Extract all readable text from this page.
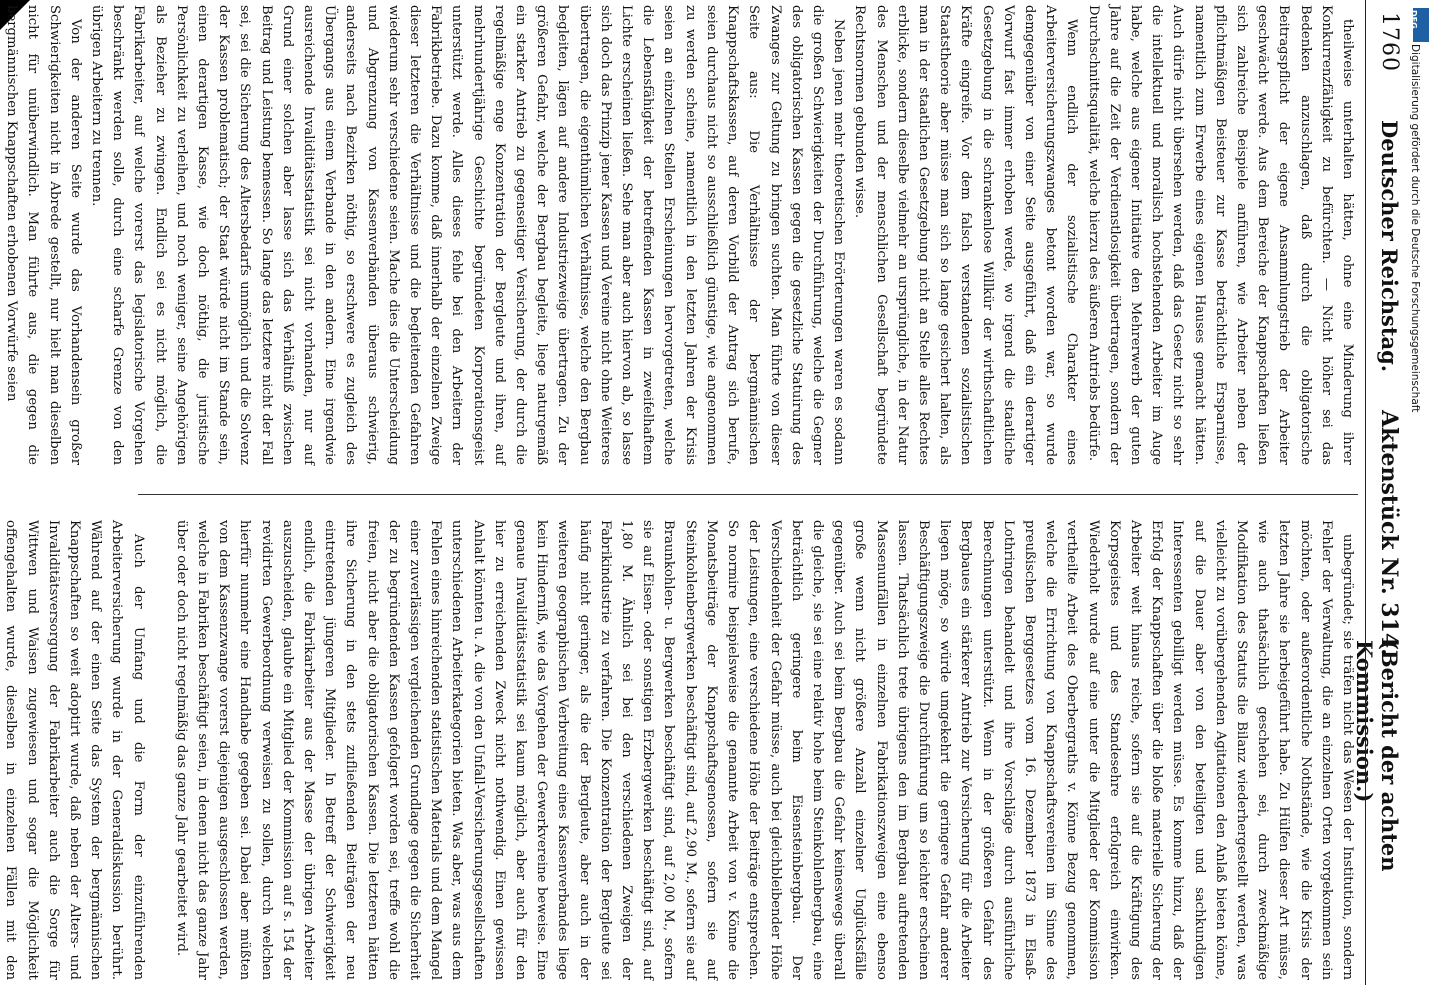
1760
Deutscher Reichstag.
Aktenstück Nr. 314.
(Bericht der achten Kommission.)

theilweise unterhalten hätten, ohne eine Minderung ihrer Konkurrenzfähigkeit zu befürchten. — Nicht höher sei das Bedenken anzuschlagen, daß durch die obligatorische Beitragspflicht der eigene Ansammlungstrieb der Arbeiter geschwächt werde. Aus dem Bereiche der Knappschaften ließen sich zahlreiche Beispiele anführen, wie Arbeiter neben der pflichtmäßigen Beisteuer zur Kasse beträchtliche Ersparnisse, namentlich zum Erwerbe eines eigenen Hauses gemacht hätten. Auch dürfe nicht übersehen werden, daß das Gesetz nicht so sehr die intellektuell und moralisch hochstehenden Arbeiter im Auge habe, welche aus eigener Initiative den Mehrerwerb der guten Jahre auf die Zeit der Verdienstlosigkeit übertragen, sondern der Durchschnittsqualität, welche hierzu des äußeren Antriebs bedürfe.

Wenn endlich der sozialistische Charakter eines Arbeiterversicherungszwanges betont worden war, so wurde demgegenüber von einer Seite ausgeführt, daß ein derartiger Vorwurf fast immer erhoben werde, wo irgend die staatliche Gesetzgebung in die schrankenlose Willkür der wirthschaftlichen Kräfte eingreife. Vor dem falsch verstandenen sozialistischen Staatstheorie aber müsse man sich so lange gesichert halten, als man in der staatlichen Gesetzgebung nicht an Stelle alles Rechtes erblicke, sondern dieselbe vielmehr an ursprüngliche, in der Natur des Menschen und der menschlichen Gesellschaft begründete Rechtsnormen gebunden wisse.

Neben jenen mehr theoretischen Erörterungen waren es sodann die großen Schwierigkeiten der Durchführung, welche die Gegner des obligatorischen Kassen gegen die gesetzliche Statuirung des Zwanges zur Geltung zu bringen suchten. Man führte von dieser Seite aus: Die Verhältnisse der bergmännischen Knappschaftskassen, auf deren Vorbild der Antrag sich berufe, seien durchaus nicht so ausschließlich günstige, wie angenommen zu werden scheine, namentlich in den letzten Jahren der Krisis seien an einzelnen Stellen Erscheinungen hervorgetreten, welche die Lebensfähigkeit der betreffenden Kassen in zweifelhaftem Lichte erscheinen ließen. Sehe man aber auch hiervon ab, so lasse sich doch das Prinzip jener Kassen und Vereine nicht ohne Weiteres übertragen, die eigenthümlichen Verhältnisse, welche den Bergbau begleiten, lägen auf andere Industriezweige übertragen. Zu der größeren Gefahr, welche der Bergbau begleite, liege naturgemäß ein starker Antrieb zu gegenseitiger Versicherung, der durch die regelmäßige enge Konzentration der Bergleute und ihren, auf mehrhundertjährige Geschichte begründeten Korporationsgeist unterstützt werde. Alles dieses fehle bei den Arbeitern der Fabrikbetriebe. Dazu komme, daß innerhalb der einzelnen Zweige dieser letzteren die Verhältnisse und die begleitenden Gefahren wiederum sehr verschiedene seien. Mache dies die Unterscheidung und Abgrenzung von Kassenverbänden überaus schwierig, anderseits nach Bezirken nöthig, so erschwere es zugleich des Übergangs aus einem Verbande in den andern. Eine irgendwie ausreichende Invaliditätsstatistik sei nicht vorhanden, nur auf Grund einer solchen aber lasse sich das Verhältniß zwischen Beitrag und Leistung bemessen. So lange das letztere nicht der Fall sei, sei die Sicherung des Altersbedarfs unmöglich und die Solvenz der Kassen problematisch; der Staat würde nicht im Stande sein, einen derartigen Kasse, wie doch nöthig, die juristische Persönlichkeit zu verleihen, und noch weniger, seine Angehörigen als Bezieher zu zwingen. Endlich sei es nicht möglich, die Fabrikarbeiter, auf welche vorerst das legislatorische Vorgehen beschränkt werden solle, durch eine scharfe Grenze von den übrigen Arbeitern zu trennen.

Von der anderen Seite wurde das Vorhandensein großer Schwierigkeiten nicht in Abrede gestellt, nur hielt man dieselben nicht für unüberwindlich. Man führte aus, die gegen die bergmännischen Knappschaften erhobenen Vorwürfe seien

unbegründet; sie träfen nicht das Wesen der Institution, sondern Fehler der Verwaltung, die an einzelnen Orten vorgekommen sein möchten, oder außerordentliche Nothstände, wie die Krisis der letzten Jahre sie herbeigeführt habe. Zu Hülfen dieser Art müsse, wie auch thatsächlich geschehen sei, durch zweckmäßige Modifikation des Statuts die Bilanz wiederhergestellt werden, was vielleicht zu vorübergehenden Agitationen den Anlaß bieten könne, auf die Dauer aber von den beteiligten und sachkundigen Interessenten gebilligt werden müsse. Es komme hinzu, daß der Erfolg der Knappschaften über die bloße materielle Sicherung der Arbeiter weit hinaus reiche, sofern sie auf die Kräftigung des Korpsgeistes und des Standesehre erfolgreich einwirken. Wiederholt wurde auf eine unter die Mitglieder der Kommission vertheilte Arbeit des Oberbergraths v. Könne Bezug genommen, welche die Errichtung von Knappschaftsvereinen im Sinne des preußischen Berggesetzes vom 16. Dezember 1873 in Elsaß-Lothringen behandelt und ihre Vorschläge durch ausführliche Berechnungen unterstützt. Wenn in der größeren Gefahr des Bergbaues ein stärkerer Antrieb zur Versicherung für die Arbeiter liegen möge, so würde umgekehrt die geringere Gefahr anderer Beschäftigungszweige die Durchführung um so leichter erscheinen lassen. Thatsächlich trete übrigens den im Bergbau auftretenden Massenunfällen in einzelnen Fabrikationszweigen eine ebenso große wenn nicht größere Anzahl einzelner Unglücksfälle gegenüber. Auch sei beim Bergbau die Gefahr keineswegs überall die gleiche, sie sei eine relativ hohe beim Steinkohlenbergbau, eine beträchtlich geringere beim Eisensteinbergbau. Der Verschiedenheit der Gefahr müsse, auch bei gleichbleibender Höhe der Leistungen, eine verschiedene Höhe der Beiträge entsprechen. So normire beispielsweise die genannte Arbeit von v. Könne die Monatsbeiträge der Knappschaftsgenossen, sofern sie auf Steinkohlenbergwerken beschäftigt sind, auf 2,90 M., sofern sie auf Braunkohlen- u. Bergwerken beschäftigt sind, auf 2,00 M., sofern sie auf Eisen- oder sonstigen Erzbergwerken beschäftigt sind, auf 1,80 M. Ähnlich sei bei den verschiedenen Zweigen der Fabrikindustrie zu verfahren. Die Konzentration der Bergleute sei häufig nicht geringer, als die der Bergleute, aber auch in der weiteren geographischen Verbreitung eines Kassenverbandes liege kein Hinderniß, wie das Vorgehen der Gewerkvereine beweise. Eine genaue Invaliditätsstatistik sei kaum möglich, aber auch für den hier zu erreichenden Zweck nicht nothwendig. Einen gewissen Anhalt könnten u. A. die von den Unfall-Versicherungsgesellschaften unterschiedenen Arbeiterkategorien bieten. Was aber, was aus dem Fehlen eines hinreichenden statistischen Materials und dem Mangel einer zuverlässigen vergleichenden Grundlage gegen die Sicherheit der zu begründenden Kassen gefolgert worden sei, treffe wohl die freien, nicht aber die obligatorischen Kassen. Die letzteren hätten ihre Sicherung in den stets zufließenden Beiträgen der neu eintretenden jüngeren Mitglieder. In Betreff der Schwierigkeit endlich, die Fabrikarbeiter aus der Masse der übrigen Arbeiter auszuscheiden, glaubte ein Mitglied der Kommission auf s. 154 der revidirten Gewerbeordnung verweisen zu sollen, durch welchen hierfür nunmehr eine Handhabe gegeben sei. Dabei aber müßten von dem Kassenzwange vorerst diejenigen ausgeschlossen werden, welche in Fabriken beschäftigt seien, in denen nicht das ganze Jahr über oder doch nicht regelmäßig das ganze Jahr gearbeitet wird.

Auch der Umfang und die Form der einzuführenden Arbeiterversicherung wurde in der Generaldiskussion berührt. Während auf der einen Seite das System der bergmännischen Knappschaften so weit adoptirt wurde, daß neben der Alters- und Invaliditätsversorgung der Fabrikarbeiter auch die Sorge für Wittwen und Waisen zugewiesen und sogar die Möglichkeit offengehalten wurde, dieselben in einzelnen Fällen mit den

DFG
Digitalisierung gefördert durch die Deutsche Forschungsgemeinschaft
